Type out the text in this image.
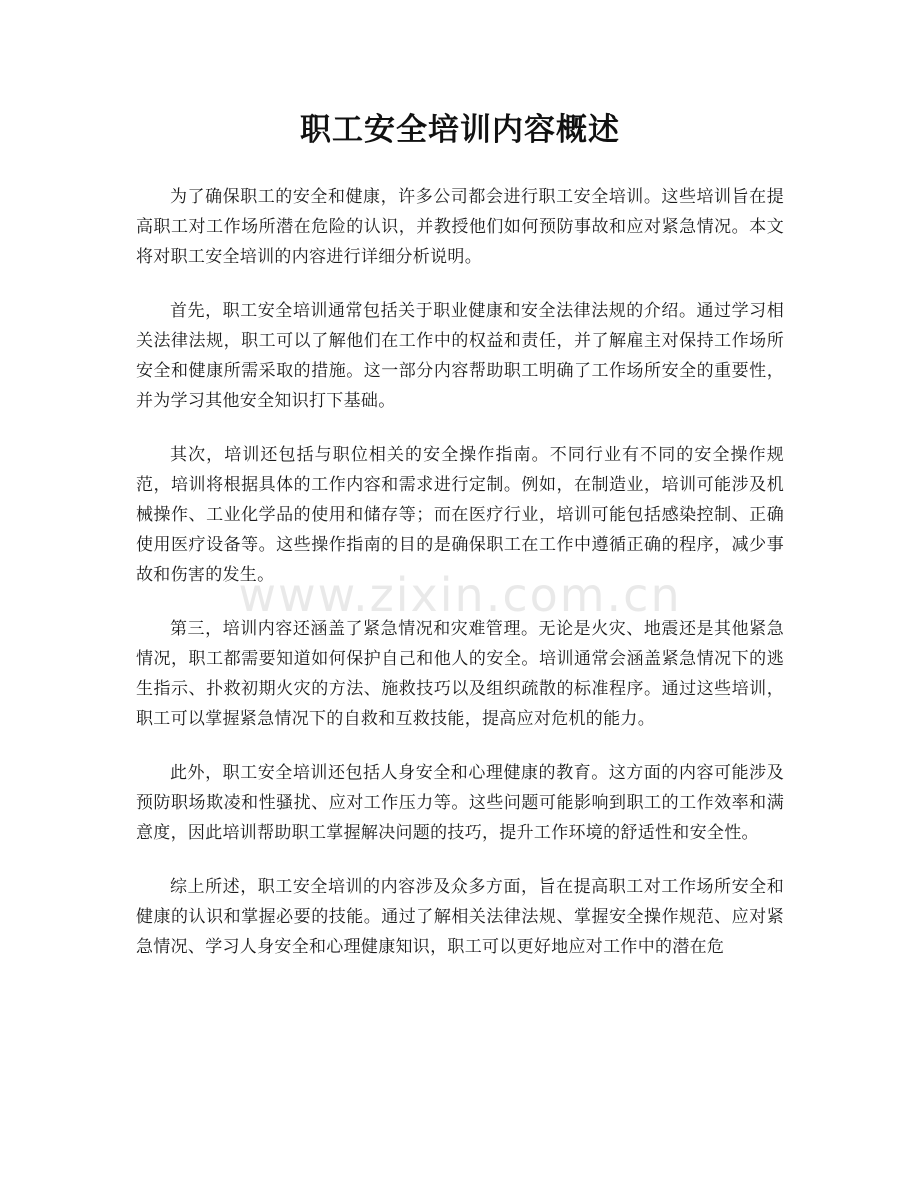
职工安全培训内容概述

为了确保职工的安全和健康，许多公司都会进行职工安全培训。这些培训旨在提高职工对工作场所潜在危险的认识，并教授他们如何预防事故和应对紧急情况。本文将对职工安全培训的内容进行详细分析说明。

首先，职工安全培训通常包括关于职业健康和安全法律法规的介绍。通过学习相关法律法规，职工可以了解他们在工作中的权益和责任，并了解雇主对保持工作场所安全和健康所需采取的措施。这一部分内容帮助职工明确了工作场所安全的重要性，并为学习其他安全知识打下基础。

其次，培训还包括与职位相关的安全操作指南。不同行业有不同的安全操作规范，培训将根据具体的工作内容和需求进行定制。例如，在制造业，培训可能涉及机械操作、工业化学品的使用和储存等；而在医疗行业，培训可能包括感染控制、正确使用医疗设备等。这些操作指南的目的是确保职工在工作中遵循正确的程序，减少事故和伤害的发生。

第三，培训内容还涵盖了紧急情况和灾难管理。无论是火灾、地震还是其他紧急情况，职工都需要知道如何保护自己和他人的安全。培训通常会涵盖紧急情况下的逃生指示、扑救初期火灾的方法、施救技巧以及组织疏散的标准程序。通过这些培训，职工可以掌握紧急情况下的自救和互救技能，提高应对危机的能力。

此外，职工安全培训还包括人身安全和心理健康的教育。这方面的内容可能涉及预防职场欺凌和性骚扰、应对工作压力等。这些问题可能影响到职工的工作效率和满意度，因此培训帮助职工掌握解决问题的技巧，提升工作环境的舒适性和安全性。

综上所述，职工安全培训的内容涉及众多方面，旨在提高职工对工作场所安全和健康的认识和掌握必要的技能。通过了解相关法律法规、掌握安全操作规范、应对紧急情况、学习人身安全和心理健康知识，职工可以更好地应对工作中的潜在危

www.zixin.com.cn
